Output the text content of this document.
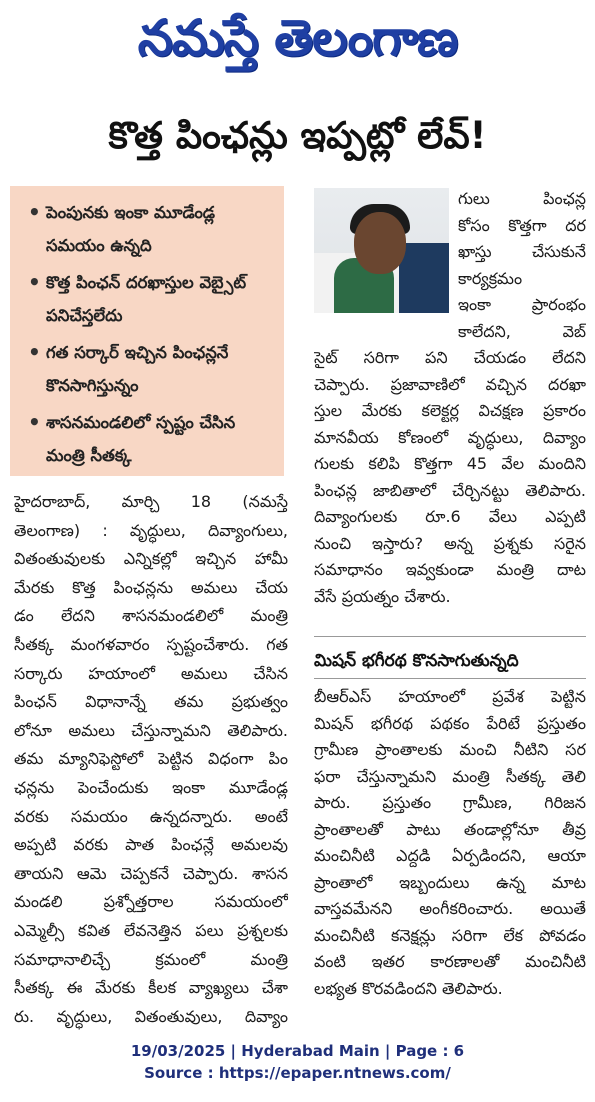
నమస్తే తెలంగాణ
కొత్త పింఛన్లు ఇప్పట్లో లేవ్!
• పెంపునకు ఇంకా మూడేండ్ల సమయం ఉన్నది
• కొత్త పింఛన్ దరఖాస్తుల వెబ్సైట్ పనిచేస్తలేదు
• గత సర్కార్ ఇచ్చిన పింఛన్లనే కొనసాగిస్తున్నం
• శాసనమండలిలో స్పష్టం చేసిన మంత్రి సీతక్క
గులు పింఛన్ల
కోసం కొత్తగా దర
ఖాస్తు చేసుకునే
కార్యక్రమం
ఇంకా ప్రారంభం
కాలేదని, వెబ్
సైట్ సరిగా పని చేయడం లేదని
చెప్పారు. ప్రజావాణిలో వచ్చిన దరఖా
స్తుల మేరకు కలెక్టర్ల విచక్షణ ప్రకారం
మానవీయ కోణంలో వృద్ధులు, దివ్యాం
గులకు కలిపి కొత్తగా 45 వేల మందిని
పింఛన్ల జాబితాలో చేర్చినట్టు తెలిపారు.
దివ్యాంగులకు రూ.6 వేలు ఎప్పటి
నుంచి ఇస్తారు? అన్న ప్రశ్నకు సరైన
సమాధానం ఇవ్వకుండా మంత్రి దాట
వేసే ప్రయత్నం చేశారు.
మిషన్ భగీరథ కొనసాగుతున్నది
బీఆర్ఎస్ హయాంలో ప్రవేశ పెట్టిన
మిషన్ భగీరథ పథకం పేరిటే ప్రస్తుతం
గ్రామీణ ప్రాంతాలకు మంచి నీటిని సర
ఫరా చేస్తున్నామని మంత్రి సీతక్క తెలి
పారు. ప్రస్తుతం గ్రామీణ, గిరిజన
ప్రాంతాలతో పాటు తండాల్లోనూ తీవ్ర
మంచినీటి ఎద్దడి ఏర్పడిందని, ఆయా
ప్రాంతాలో ఇబ్బందులు ఉన్న మాట
వాస్తవమేనని అంగీకరించారు. అయితే
మంచినీటి కనెక్షన్లు సరిగా లేక పోవడం
వంటి ఇతర కారణాలతో మంచినీటి
లభ్యత కొరవడిందని తెలిపారు.
హైదరాబాద్, మార్చి 18 (నమస్తే
తెలంగాణ) : వృద్ధులు, దివ్యాంగులు,
వితంతువులకు ఎన్నికల్లో ఇచ్చిన హామీ
మేరకు కొత్త పింఛన్లను అమలు చేయ
డం లేదని శాసనమండలిలో మంత్రి
సీతక్క మంగళవారం స్పష్టంచేశారు. గత
సర్కారు హయాంలో అమలు చేసిన
పింఛన్ విధానాన్నే తమ ప్రభుత్వం
లోనూ అమలు చేస్తున్నామని తెలిపారు.
తమ మ్యానిఫెస్టోలో పెట్టిన విధంగా పిం
ఛన్లను పెంచేందుకు ఇంకా మూడేండ్ల
వరకు సమయం ఉన్నదన్నారు. అంటే
అప్పటి వరకు పాత పింఛన్లే అమలవు
తాయని ఆమె చెప్పకనే చెప్పారు. శాసన
మండలి ప్రశ్నోత్తరాల సమయంలో
ఎమ్మెల్సీ కవిత లేవనెత్తిన పలు ప్రశ్నలకు
సమాధానాలిచ్చే క్రమంలో మంత్రి
సీతక్క ఈ మేరకు కీలక వ్యాఖ్యలు చేశా
రు. వృద్ధులు, వితంతువులు, దివ్యాం
19/03/2025 | Hyderabad Main | Page : 6
Source : https://epaper.ntnews.com/
